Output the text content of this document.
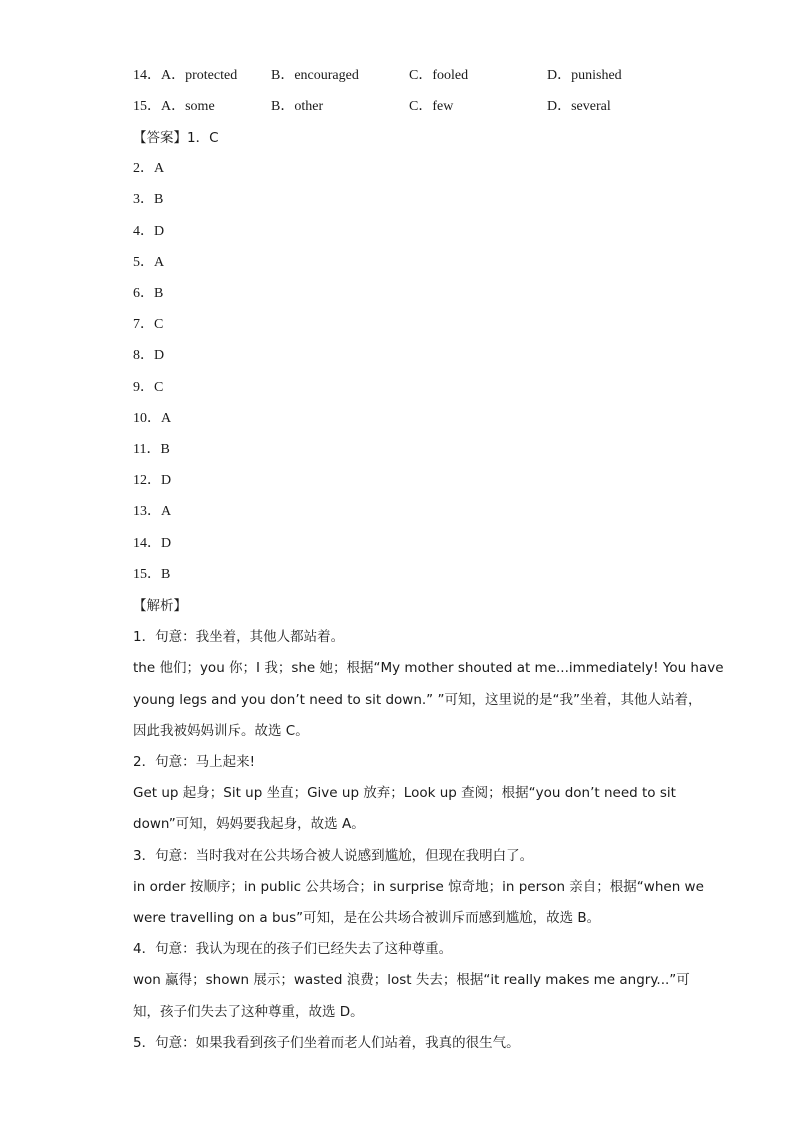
14．A．protected B．encouraged	C．fooled	D．punished
15．A．some	B．other	C．few	D．several
【答案】1．C
2．A
3．B
4．D
5．A
6．B
7．C
8．D
9．C
10．A
11．B
12．D
13．A
14．D
15．B
【解析】
1．句意：我坐着，其他人都站着。
the 他们；you 你；I 我；she 她；根据“My mother shouted at me...immediately! You have
young legs and you don’t need to sit down.” ”可知，这里说的是“我”坐着，其他人站着，
因此我被妈妈训斥。故选 C。
2．句意：马上起来!
Get up 起身；Sit up 坐直；Give up 放弃；Look up 查阅；根据“you don’t need to sit
down”可知，妈妈要我起身，故选 A。
3．句意：当时我对在公共场合被人说感到尴尬，但现在我明白了。
in order 按顺序；in public 公共场合；in surprise 惊奇地；in person 亲自；根据“when we
were travelling on a bus”可知，是在公共场合被训斥而感到尴尬，故选 B。
4．句意：我认为现在的孩子们已经失去了这种尊重。
won 赢得；shown 展示；wasted 浪费；lost 失去；根据“it really makes me angry...”可
知，孩子们失去了这种尊重，故选 D。
5．句意：如果我看到孩子们坐着而老人们站着，我真的很生气。
